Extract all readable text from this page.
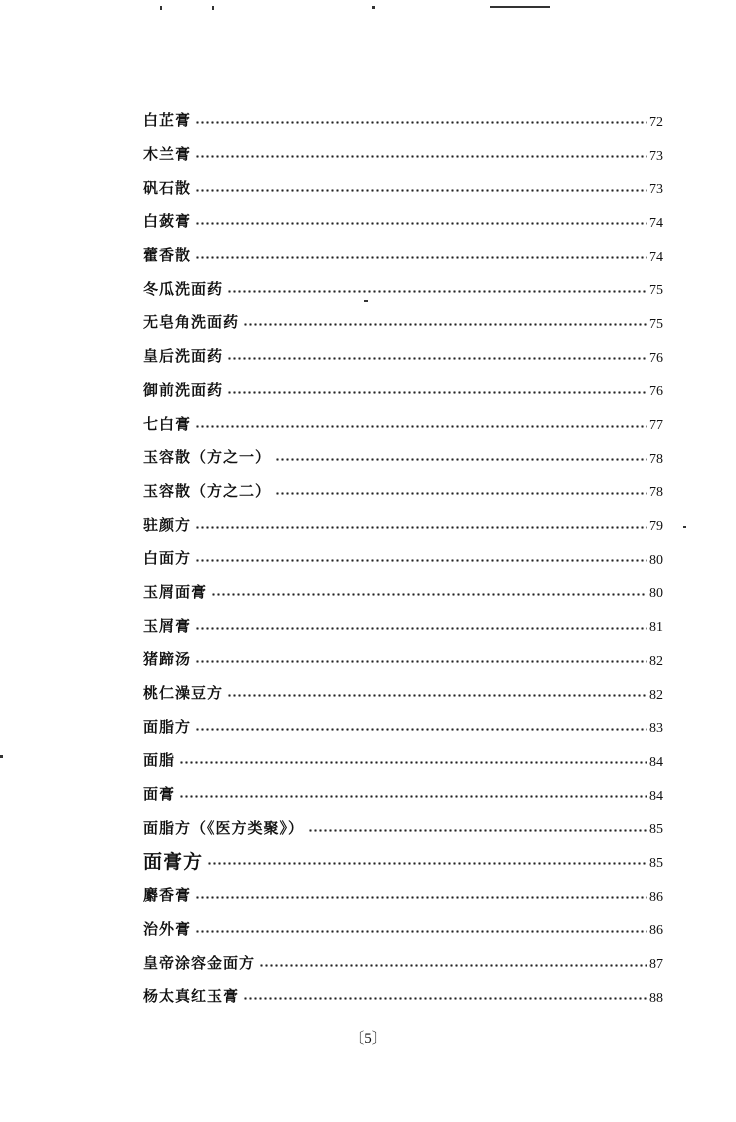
白芷膏	72
木兰膏	73
矾石散	73
白蔹膏	74
藿香散	74
冬瓜洗面药	75
无皂角洗面药	75
皇后洗面药	76
御前洗面药	76
七白膏	77
玉容散（方之一）	78
玉容散（方之二）	78
驻颜方	79
白面方	80
玉屑面膏	80
玉屑膏	81
猪蹄汤	82
桃仁澡豆方	82
面脂方	83
面脂	84
面膏	84
面脂方（《医方类聚》）	85
面膏方	85
麝香膏	86
治外膏	86
皇帝涂容金面方	87
杨太真红玉膏	88
〔5〕
